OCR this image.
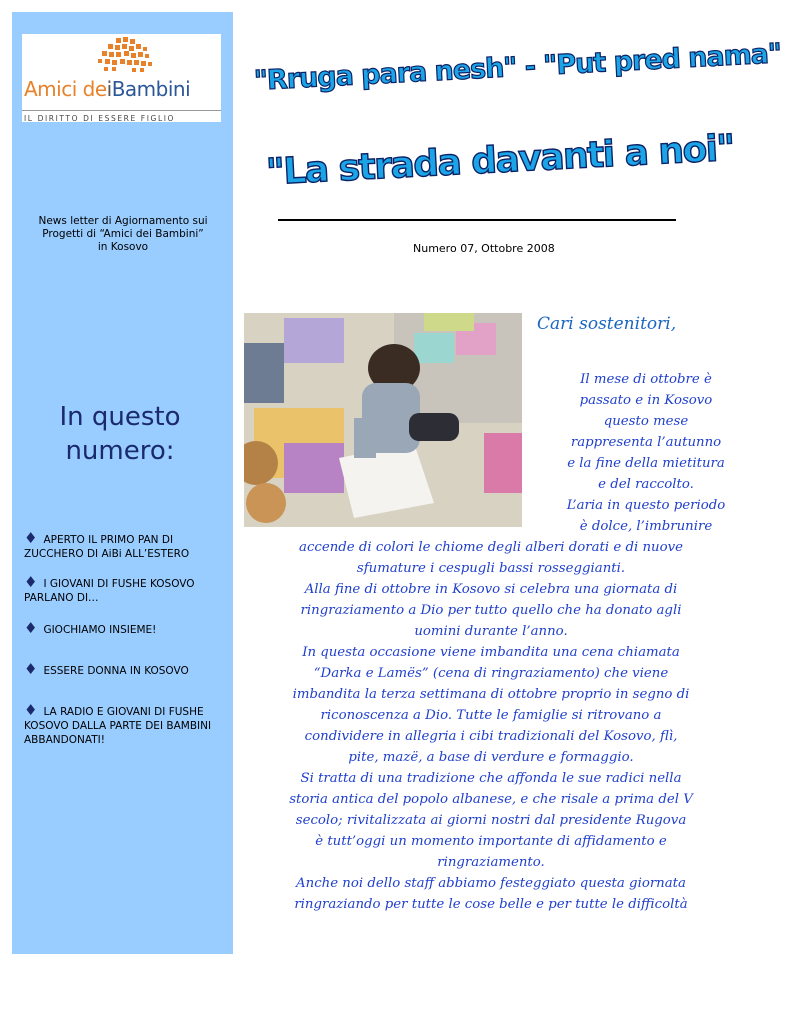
Amici deiBambini
IL DIRITTO DI ESSERE FIGLIO
News letter di Agiornamento sui
Progetti di “Amici dei Bambini”
in Kosovo
In questo numero:
♦ APERTO IL PRIMO PAN DI ZUCCHERO DI AiBi ALL’ESTERO
♦ I GIOVANI DI FUSHE KOSOVO PARLANO DI…
♦ GIOCHIAMO INSIEME!
♦ ESSERE DONNA IN KOSOVO
♦ LA RADIO E GIOVANI DI FUSHE KOSOVO DALLA PARTE DEI BAMBINI ABBANDONATI!
"Rruga para nesh" - "Put pred nama"
"La strada davanti a noi"
Numero 07, Ottobre 2008
Cari sostenitori,
Il mese di ottobre è
passato e in Kosovo
questo mese
rappresenta l’autunno
e la fine della mietitura
e del raccolto.
L’aria in questo periodo
è dolce, l’imbrunire
accende di colori le chiome degli alberi dorati e di nuove
sfumature i cespugli bassi rosseggianti.
Alla fine di ottobre in Kosovo si celebra una giornata di
ringraziamento a Dio per tutto quello che ha donato agli
uomini durante l’anno.
In questa occasione viene imbandita una cena chiamata
“Darka e Lamës” (cena di ringraziamento) che viene
imbandita la terza settimana di ottobre proprio in segno di
riconoscenza a Dio. Tutte le famiglie si ritrovano a
condividere in allegria i cibi tradizionali del Kosovo, flì,
pite, mazë, a base di verdure e formaggio.
Si tratta di una tradizione che affonda le sue radici nella
storia antica del popolo albanese, e che risale a prima del V
secolo; rivitalizzata ai giorni nostri dal presidente Rugova
è tutt’oggi un momento importante di affidamento e
ringraziamento.
Anche noi dello staff abbiamo festeggiato questa giornata
ringraziando per tutte le cose belle e per tutte le difficoltà
